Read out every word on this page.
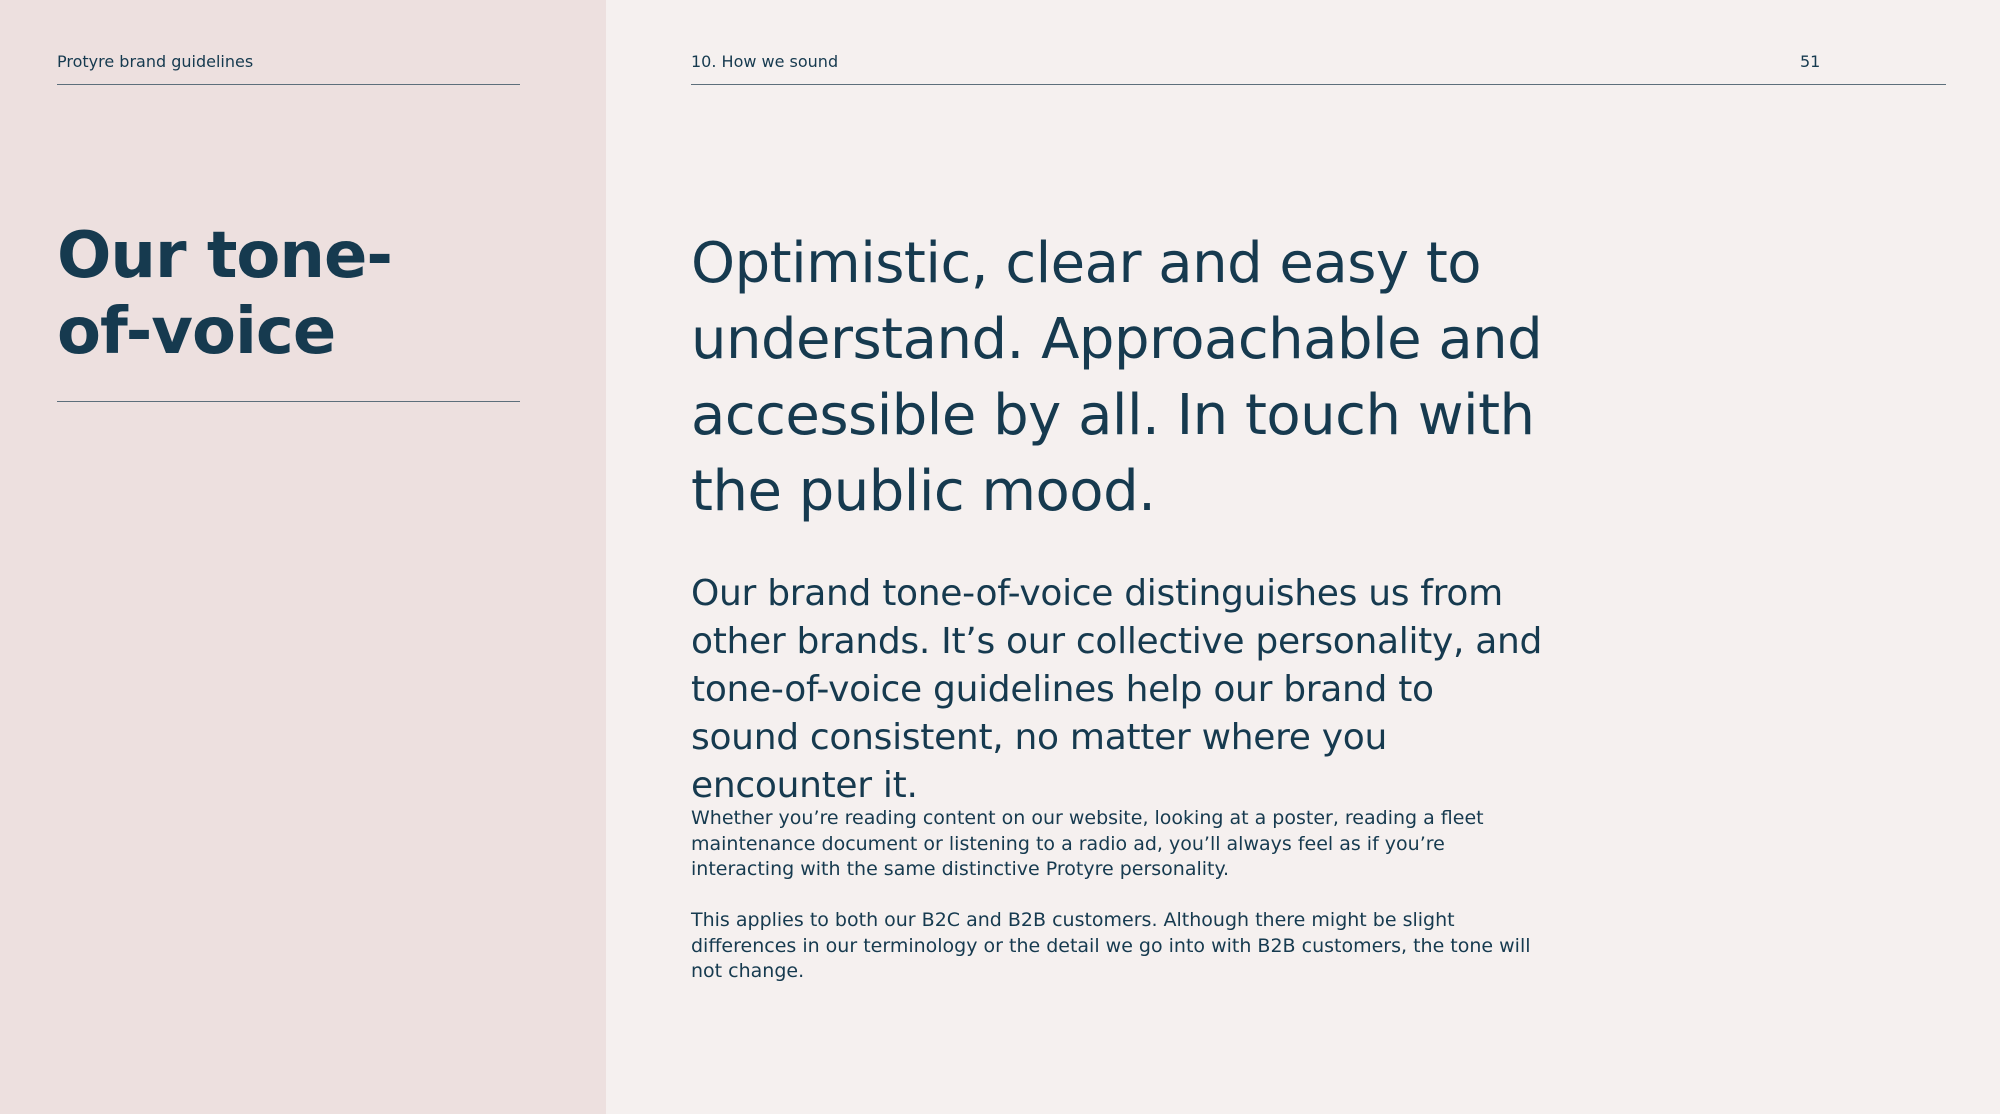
Protyre brand guidelines
Our tone-
of-voice
10. How we sound	51
Optimistic, clear and easy to understand. Approachable and accessible by all. In touch with the public mood.

Our brand tone-of-voice distinguishes us from other brands. It’s our collective personality, and tone-of-voice guidelines help our brand to sound consistent, no matter where you encounter it.

Whether you’re reading content on our website, looking at a poster, reading a fleet maintenance document or listening to a radio ad, you’ll always feel as if you’re interacting with the same distinctive Protyre personality.

This applies to both our B2C and B2B customers. Although there might be slight differences in our terminology or the detail we go into with B2B customers, the tone will not change.
